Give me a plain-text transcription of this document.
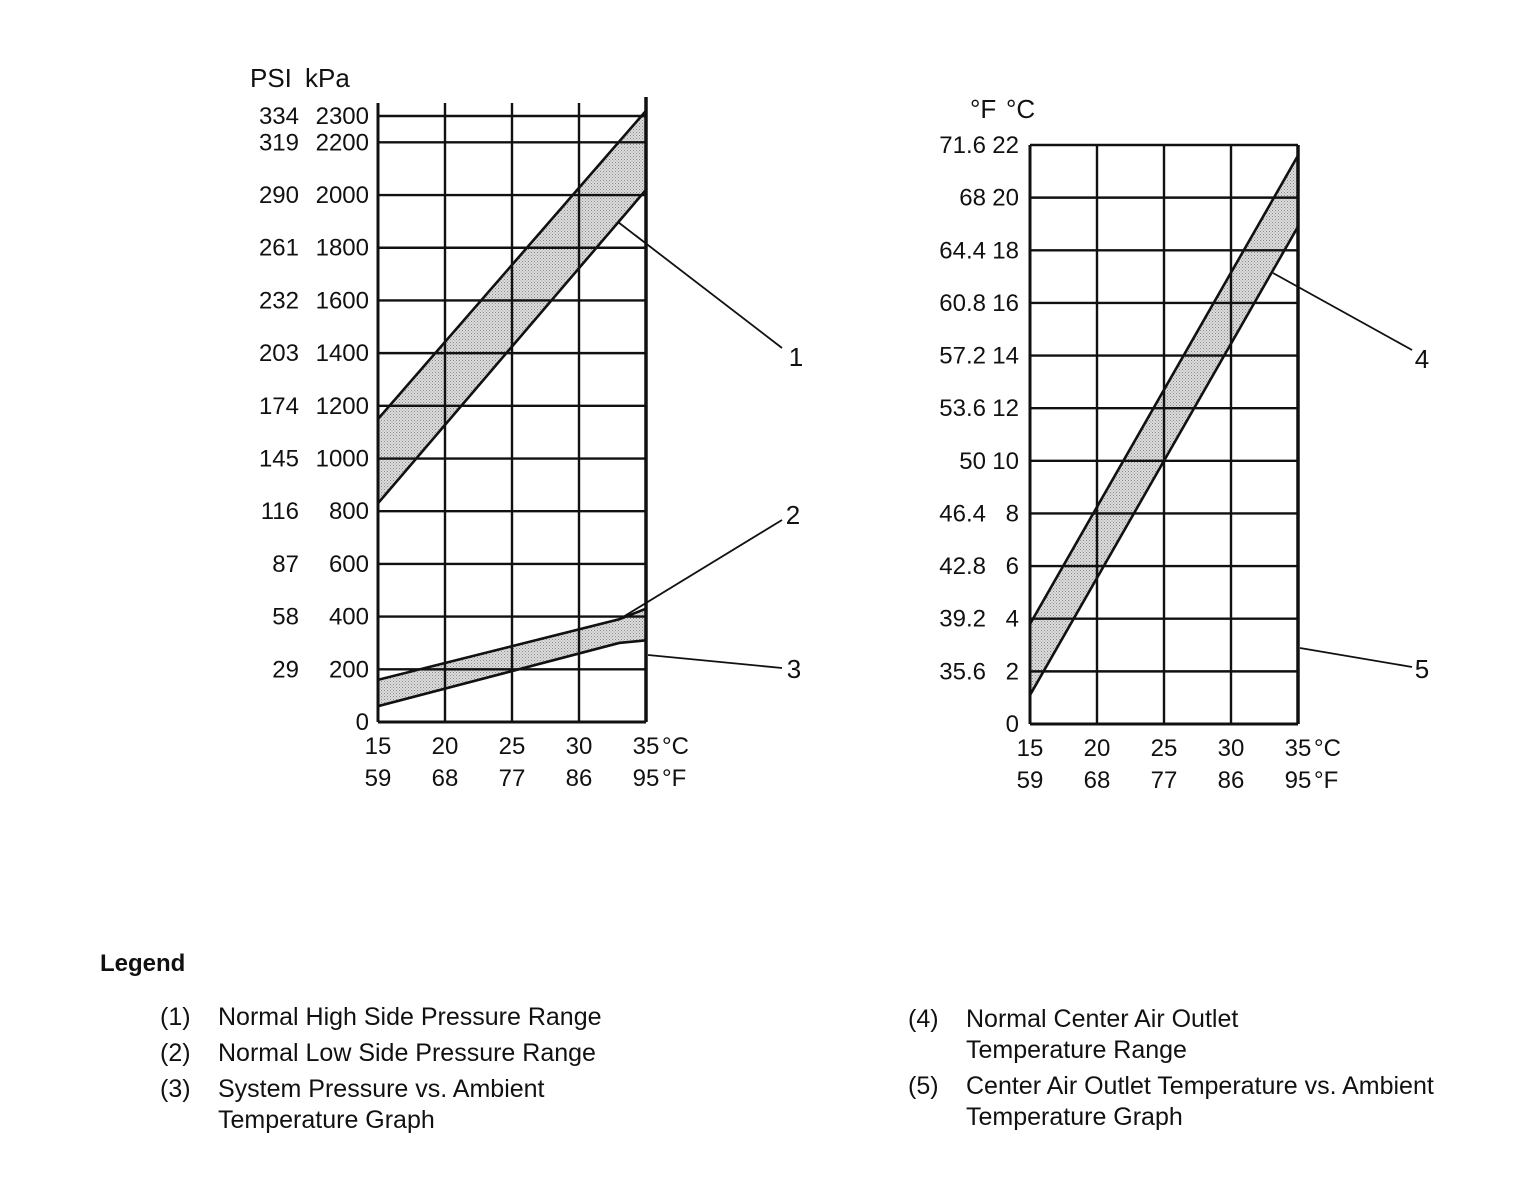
0
200
29
400
58
600
87
800
116
1000
145
1200
174
1400
203
1600
232
1800
261
2000
290
2200
319
2300
334
PSI kPa
15
59
20
68
25
77
30
86
35
95
°C
°F
1
2
3
0
2
35.6
4
39.2
6
42.8
8
46.4
10
50
12
53.6
14
57.2
16
60.8
18
64.4
20
68
22
71.6
°F °C
15
59
20
68
25
77
30
86
35
95
°C
°F
4
5
Legend
(1)	Normal High Side Pressure Range
(2)	Normal Low Side Pressure Range
(3)	System Pressure vs. Ambient Temperature Graph
(4)	Normal Center Air Outlet Temperature Range
(5)	Center Air Outlet Temperature vs. Ambient Temperature Graph
